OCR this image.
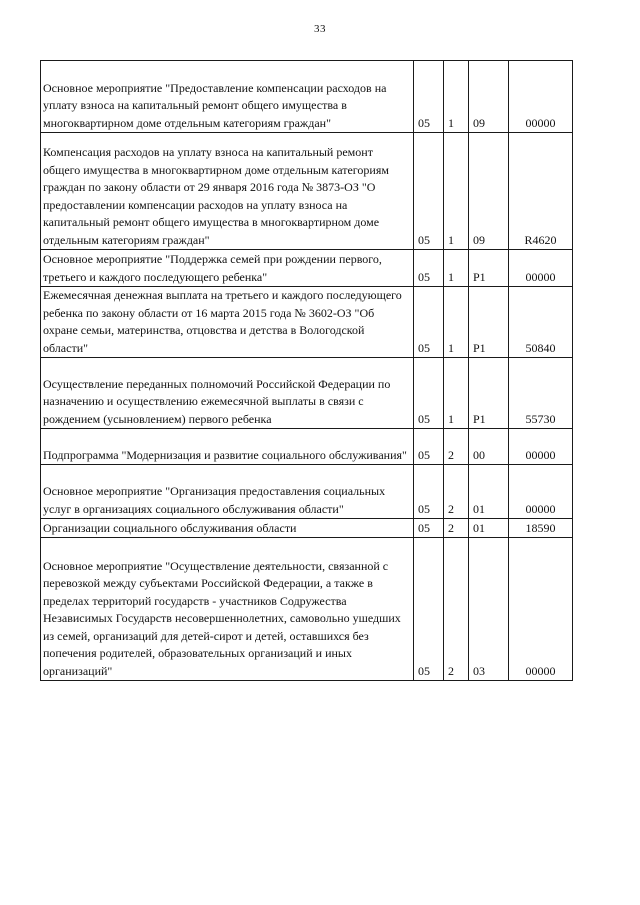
33
Основное мероприятие "Предоставление компенсации расходов на уплату взноса на капитальный ремонт общего имущества в многоквартирном доме отдельным категориям граждан"	05	1	09	00000
Компенсация расходов на уплату взноса на капитальный ремонт общего имущества в многоквартирном доме отдельным категориям граждан по закону области от 29 января 2016 года № 3873-ОЗ "О предоставлении компенсации расходов на уплату взноса на капитальный ремонт общего имущества в многоквартирном доме отдельным категориям граждан"	05	1	09	R4620
Основное мероприятие "Поддержка семей при рождении первого, третьего и каждого последующего ребенка"	05	1	P1	00000
Ежемесячная денежная выплата на третьего и каждого последующего ребенка по закону области от 16 марта 2015 года № 3602-ОЗ "Об охране семьи, материнства, отцовства и детства в Вологодской области"	05	1	P1	50840
Осуществление переданных полномочий Российской Федерации по назначению и осуществлению ежемесячной выплаты в связи с рождением (усыновлением) первого ребенка	05	1	P1	55730
Подпрограмма "Модернизация и развитие социального обслуживания"	05	2	00	00000
Основное мероприятие "Организация предоставления социальных услуг в организациях социального обслуживания области"	05	2	01	00000
Организации социального обслуживания области	05	2	01	18590
Основное мероприятие "Осуществление деятельности, связанной с перевозкой между субъектами Российской Федерации, а также в пределах территорий государств - участников Содружества Независимых Государств несовершеннолетних, самовольно ушедших из семей, организаций для детей-сирот и детей, оставшихся без попечения родителей, образовательных организаций и иных организаций"	05	2	03	00000
